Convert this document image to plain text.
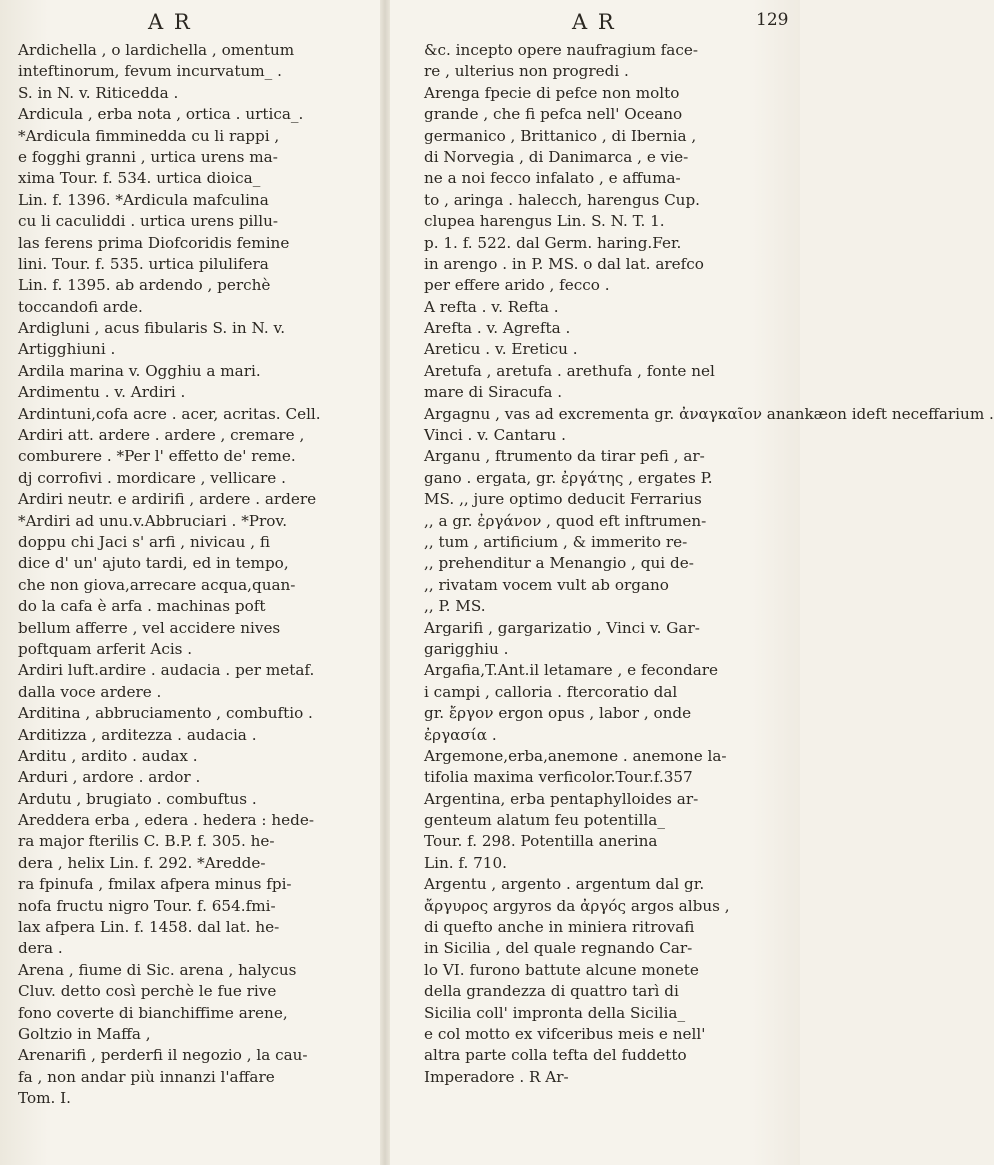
A R	A R	129
Ardichella , o lardichella , omentum
inteftinorum, fevum incurvatum_ .
S. in N. v. Riticedda .
Ardicula , erba nota , ortica . urtica_.
*Ardicula fimminedda cu li rappi ,
e fogghi granni , urtica urens ma-
xima Tour. f. 534. urtica dioica_
Lin. f. 1396. *Ardicula mafculina
cu li caculiddi . urtica urens pillu-
las ferens prima Diofcoridis femine
lini. Tour. f. 535. urtica pilulifera
Lin. f. 1395. ab ardendo , perchè
toccandofi arde.
Ardigluni , acus fibularis S. in N. v.
Artigghiuni .
Ardila marina v. Ogghiu a mari.
Ardimentu . v. Ardiri .
Ardintuni,cofa acre . acer, acritas. Cell.
Ardiri att. ardere . ardere , cremare ,
comburere . *Per l' effetto de' reme.
dj corrofivi . mordicare , vellicare .
Ardiri neutr. e ardirifi , ardere . ardere
*Ardiri ad unu.v.Abbruciari . *Prov.
doppu chi Jaci s' arfi , nivicau , fi
dice d' un' ajuto tardi, ed in tempo,
che non giova,arrecare acqua,quan-
do la cafa è arfa . machinas poft
bellum afferre , vel accidere nives
poftquam arferit Acis .
Ardiri luft.ardire . audacia . per metaf.
dalla voce ardere .
Arditina , abbruciamento , combuftio .
Arditizza , arditezza . audacia .
Arditu , ardito . audax .
Arduri , ardore . ardor .
Ardutu , brugiato . combuftus .
Areddera erba , edera . hedera : hede-
ra major fterilis C. B.P. f. 305. he-
dera , helix Lin. f. 292. *Aredde-
ra fpinufa , fmilax afpera minus fpi-
nofa fructu nigro Tour. f. 654.fmi-
lax afpera Lin. f. 1458. dal lat. he-
dera .
Arena , fiume di Sic. arena , halycus
Cluv. detto così perchè le fue rive
fono coverte di bianchiffime arene,
Goltzio in Maffa ,
Arenarifi , perderfi il negozio , la cau-
fa , non andar più innanzi l'affare
Tom. I.
&c. incepto opere naufragium face-
re , ulterius non progredi .
Arenga fpecie di pefce non molto
grande , che fi pefca nell' Oceano
germanico , Brittanico , di Ibernia ,
di Norvegia , di Danimarca , e vie-
ne a noi fecco infalato , e affuma-
to , aringa . halecch, harengus Cup.
clupea harengus Lin. S. N. T. 1.
p. 1. f. 522. dal Germ. haring.Fer.
in arengo . in P. MS. o dal lat. arefco
per effere arido , fecco .
A refta . v. Refta .
Arefta . v. Agrefta .
Areticu . v. Ereticu .
Aretufa , aretufa . arethufa , fonte nel
mare di Siracufa .
Argagnu , vas ad excrementa gr. ἀναγκαῖον anankæon ideft neceffarium .
Vinci . v. Cantaru .
Arganu , ftrumento da tirar pefi , ar-
gano . ergata, gr. ἐργάτης , ergates P.
MS. ,, jure optimo deducit Ferrarius
,, a gr. ἐργάνον , quod eft inftrumen-
,, tum , artificium , & immerito re-
,, prehenditur a Menangio , qui de-
,, rivatam vocem vult ab organo
,, P. MS.
Argarifi , gargarizatio , Vinci v. Gar-
garigghiu .
Argafia,T.Ant.il letamare , e fecondare
i campi , calloria . ftercoratio dal
gr. ἔργον ergon opus , labor , onde
ἐργασία .
Argemone,erba,anemone . anemone la-
tifolia maxima verficolor.Tour.f.357
Argentina, erba pentaphylloides ar-
genteum alatum feu potentilla_
Tour. f. 298. Potentilla anerina
Lin. f. 710.
Argentu , argento . argentum dal gr.
ἄργυρος argyros da ἀργός argos albus ,
di quefto anche in miniera ritrovafi
in Sicilia , del quale regnando Car-
lo VI. furono battute alcune monete
della grandezza di quattro tarì di
Sicilia coll' impronta della Sicilia_
e col motto ex vifceribus meis e nell'
altra parte colla tefta del fuddetto
Imperadore . R Ar-
